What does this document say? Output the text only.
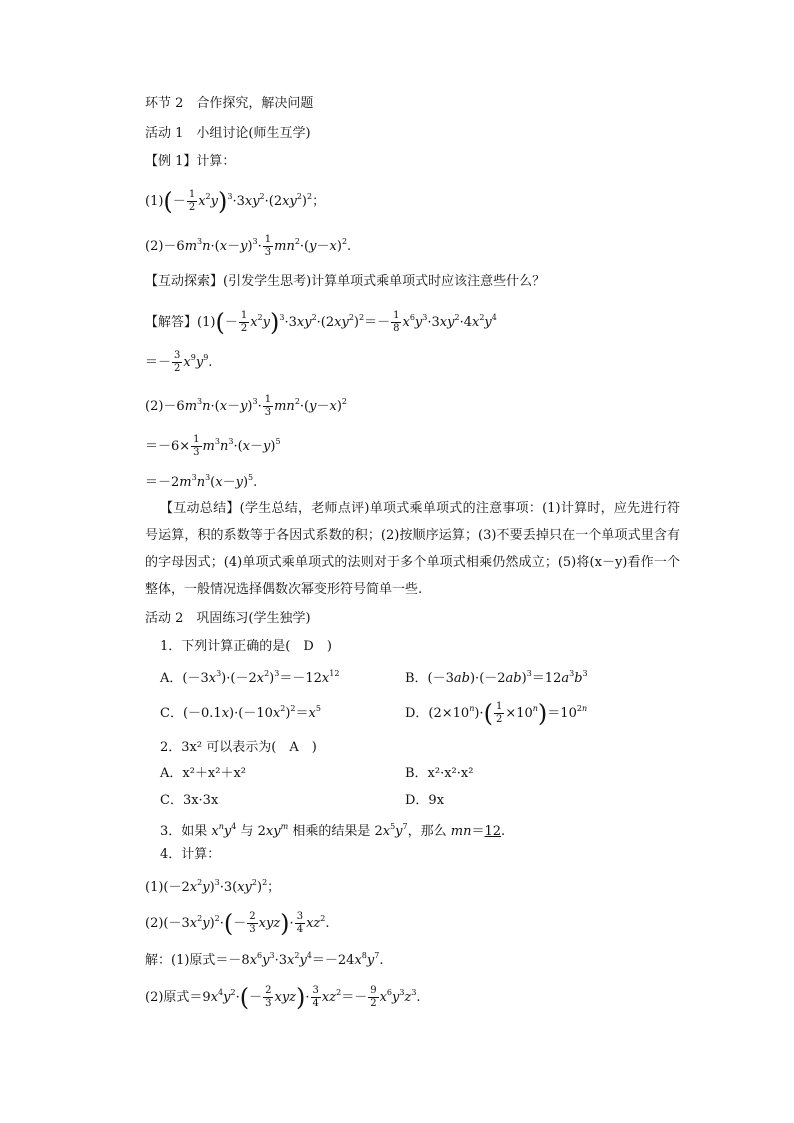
环节 2　合作探究，解决问题
活动 1　小组讨论(师生互学)
【例 1】计算：
$(1)(- \frac{1}{2} x^2y)^3\cdot 3xy^2\cdot(2xy^2)^2$；
$(2)-6m^3n\cdot(x-y)^3\cdot \frac{1}{3} mn^2\cdot(y-x)^2$.
【互动探索】(引发学生思考)计算单项式乘单项式时应该注意些什么？
【解答】$(1)(- \frac{1}{2} x^2y)^3\cdot 3xy^2\cdot(2xy^2)^2=- \frac{1}{8} x^6y^3\cdot 3xy^2\cdot 4x^2y^4$
＝－ $\frac{3}{2} x^9y^9$.
$(2)-6m^3n\cdot(x-y)^3\cdot \frac{1}{3} mn^2\cdot(y-x)^2$
$=-6\times \frac{1}{3} m^3n^3\cdot(x-y)^5$
$=-2m^3n^3(x-y)^5$.
【互动总结】(学生总结，老师点评)单项式乘单项式的注意事项：(1)计算时，应先进行符号运算，积的系数等于各因式系数的积；(2)按顺序运算；(3)不要丢掉只在一个单项式里含有的字母因式；(4)单项式乘单项式的法则对于多个单项式相乘仍然成立；(5)将(x－y)看作一个整体，一般情况选择偶数次幂变形符号简单一些.
活动 2　巩固练习(学生独学)
1．下列计算正确的是(　 D　 )
A．$(-3x^3)\cdot(-2x^2)^3=-12x^{12}$	B．$(-3ab)\cdot(-2ab)^3=12a^3b^3$
C．$(-0.1x)\cdot(-10x^2)^2=x^5$	D．$(2\times 10^n)\cdot( \frac{1}{2} \times 10^n)=10^{2n}$
2．3x² 可以表示为(　 A　 )
A．x²＋x²＋x²	B．x²·x²·x²
C．3x·3x	D．9x
3．如果 $x^ny^4$ 与 $2xy^m$ 相乘的结果是 $2x^5y^7$，那么 mn＝12.
4．计算：
$(1)(-2x^2y)^3\cdot 3(xy^2)^2$；
$(2)(-3x^2y)^2\cdot(- \frac{2}{3} xyz)\cdot \frac{3}{4} xz^2$.
解：(1)原式$=-8x^6y^3\cdot 3x^2y^4=-24x^8y^7$.
(2)原式$=9x^4y^2\cdot(- \frac{2}{3} xyz)\cdot \frac{3}{4} xz^2=- \frac{9}{2} x^6y^3z^3$.
